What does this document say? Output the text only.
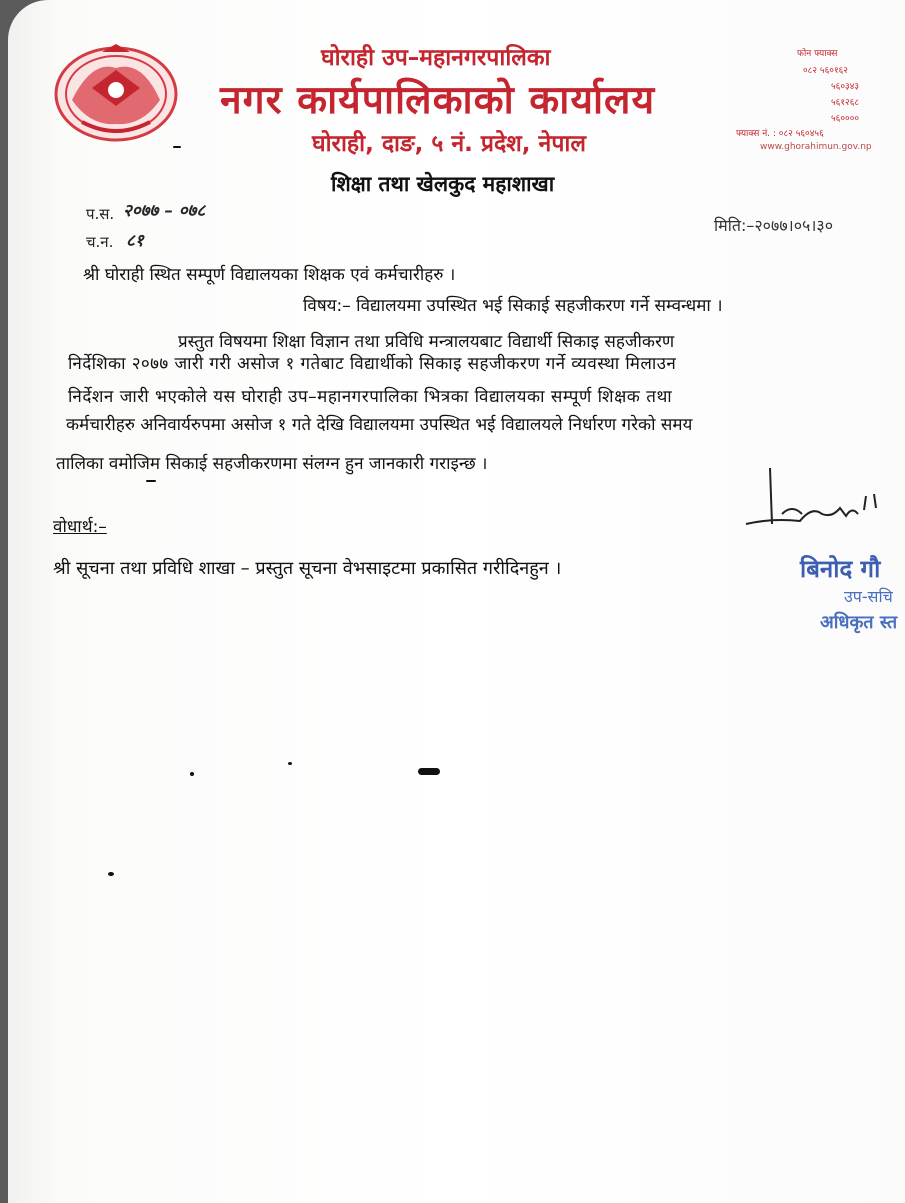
घोराही उप–महानगरपालिका
नगर कार्यपालिकाको कार्यालय
घोराही, दाङ, ५ नं. प्रदेश, नेपाल
फोन फ्याक्स
०८२ ५६०१६२
५६०३४३
५६१२६८
५६००००
फ्याक्स नं. : ०८२ ५६०४५६
www.ghorahimun.gov.np
शिक्षा तथा खेलकुद महाशाखा
प.स. २०७७ – ०७८
च.न. ८१
मिति:–२०७७।०५।३०
श्री घोराही स्थित सम्पूर्ण विद्यालयका शिक्षक एवं कर्मचारीहरु ।
विषय:– विद्यालयमा उपस्थित भई सिकाई सहजीकरण गर्ने सम्वन्धमा ।
प्रस्तुत विषयमा शिक्षा विज्ञान तथा प्रविधि मन्त्रालयबाट विद्यार्थी सिकाइ सहजीकरण
निर्देशिका २०७७ जारी गरी असोज १ गतेबाट विद्यार्थीको सिकाइ सहजीकरण गर्ने व्यवस्था मिलाउन
निर्देशन जारी भएकोले यस घोराही उप–महानगरपालिका भित्रका विद्यालयका सम्पूर्ण शिक्षक तथा
कर्मचारीहरु अनिवार्यरुपमा असोज १ गते देखि विद्यालयमा उपस्थित भई विद्यालयले निर्धारण गरेको समय
तालिका वमोजिम सिकाई सहजीकरणमा संलग्न हुन जानकारी गराइन्छ ।
वोधार्थ:–
श्री सूचना तथा प्रविधि शाखा – प्रस्तुत सूचना वेभसाइटमा प्रकासित गरीदिनहुन ।	बिनोद गौ
उप-सचि
अधिकृत स्त
